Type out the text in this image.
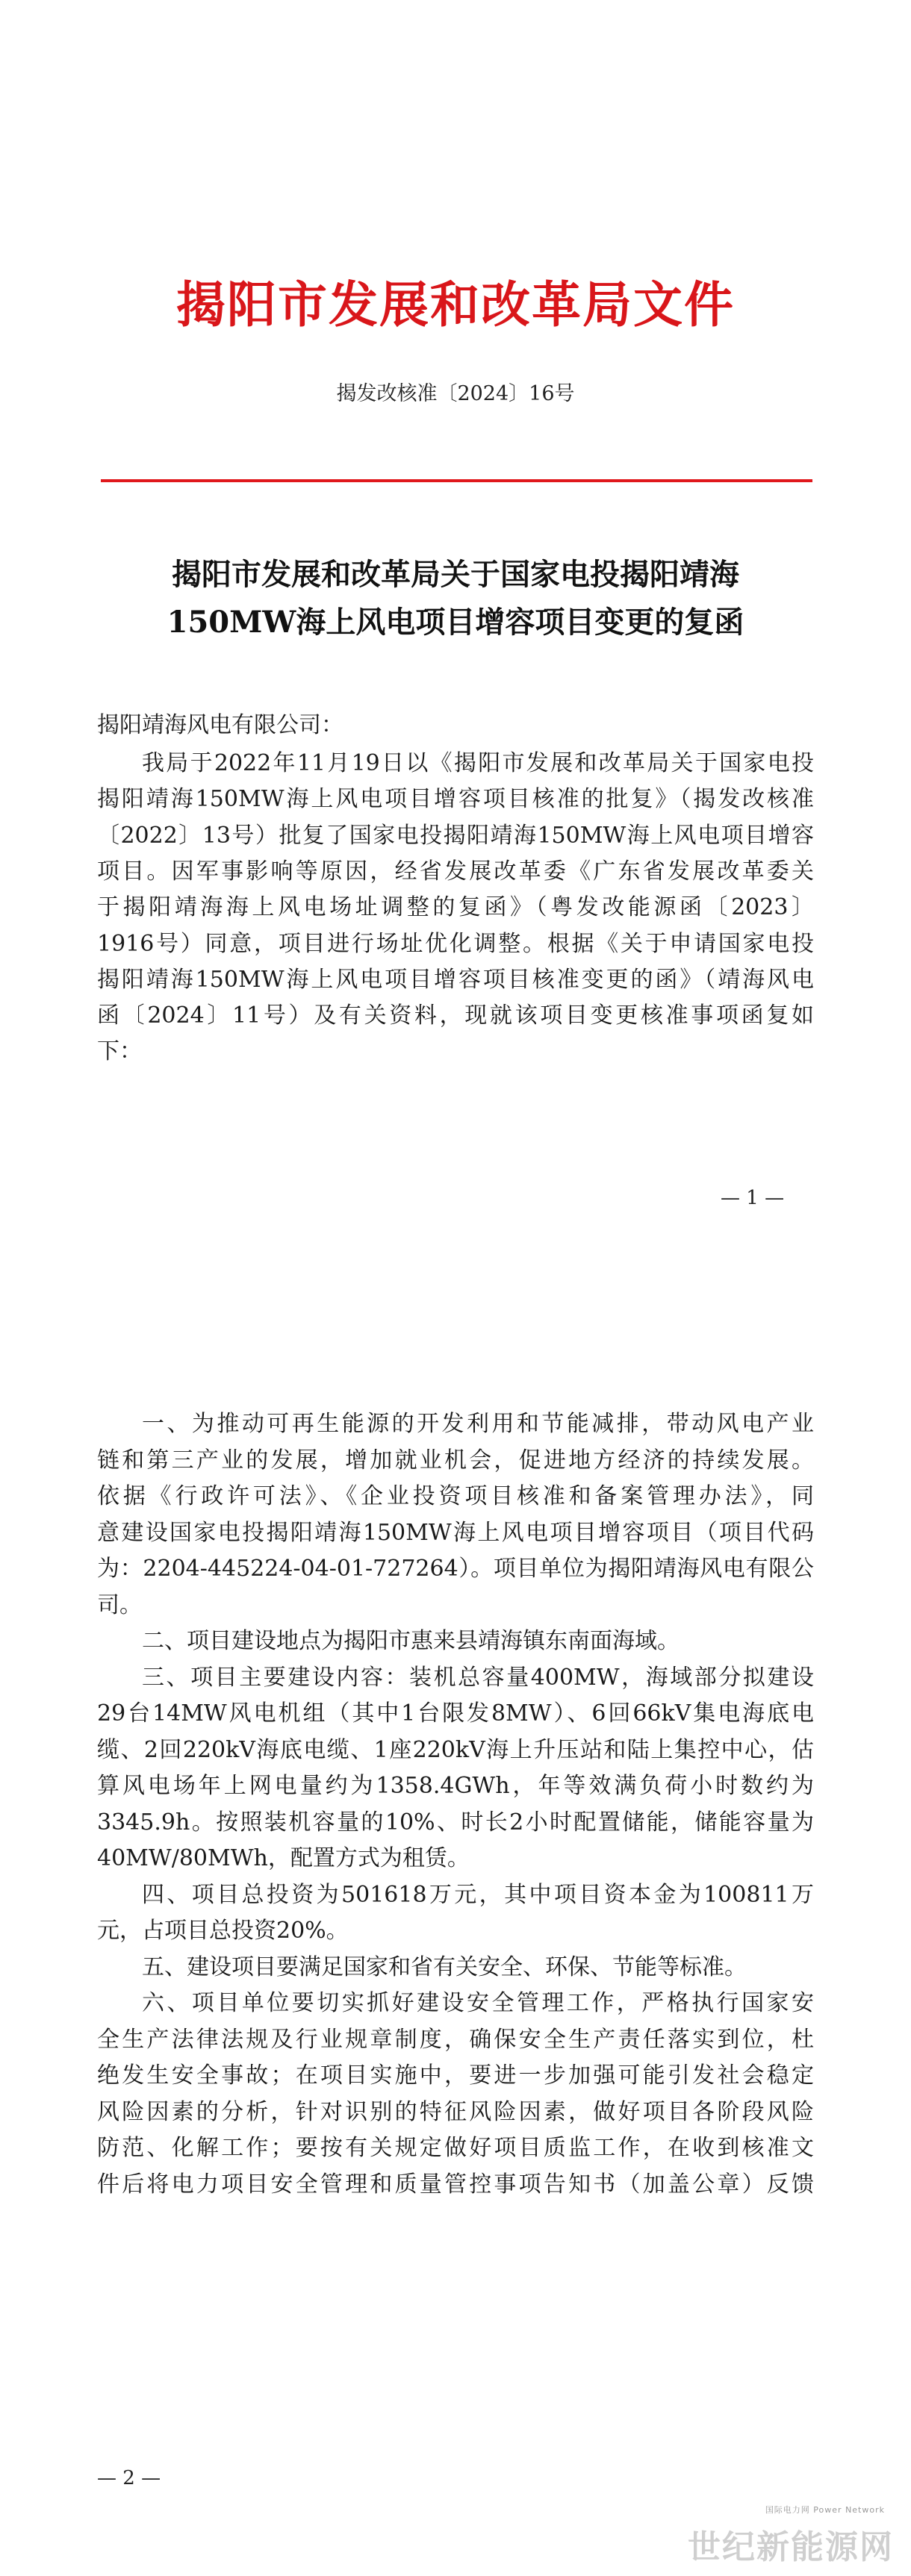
揭阳市发展和改革局文件
揭发改核准〔2024〕16号
揭阳市发展和改革局关于国家电投揭阳靖海
150MW海上风电项目增容项目变更的复函
揭阳靖海风电有限公司：
我局于2022年11月19日以《揭阳市发展和改革局关于国家电投
揭阳靖海150MW海上风电项目增容项目核准的批复》（揭发改核准
〔2022〕13号）批复了国家电投揭阳靖海150MW海上风电项目增容
项目。因军事影响等原因，经省发展改革委《广东省发展改革委关
于揭阳靖海海上风电场址调整的复函》（粤发改能源函〔2023〕
1916号）同意，项目进行场址优化调整。根据《关于申请国家电投
揭阳靖海150MW海上风电项目增容项目核准变更的函》（靖海风电
函〔2024〕11号）及有关资料，现就该项目变更核准事项函复如
下：
— 1 —
一、为推动可再生能源的开发利用和节能减排，带动风电产业
链和第三产业的发展，增加就业机会，促进地方经济的持续发展。
依据《行政许可法》、《企业投资项目核准和备案管理办法》，同
意建设国家电投揭阳靖海150MW海上风电项目增容项目（项目代码
为：2204-445224-04-01-727264）。项目单位为揭阳靖海风电有限公
司。
二、项目建设地点为揭阳市惠来县靖海镇东南面海域。
三、项目主要建设内容：装机总容量400MW，海域部分拟建设
29台14MW风电机组（其中1台限发8MW）、6回66kV集电海底电
缆、2回220kV海底电缆、1座220kV海上升压站和陆上集控中心，估
算风电场年上网电量约为1358.4GWh，年等效满负荷小时数约为
3345.9h。按照装机容量的10%、时长2小时配置储能，储能容量为
40MW/80MWh，配置方式为租赁。
四、项目总投资为501618万元，其中项目资本金为100811万
元，占项目总投资20%。
五、建设项目要满足国家和省有关安全、环保、节能等标准。
六、项目单位要切实抓好建设安全管理工作，严格执行国家安
全生产法律法规及行业规章制度，确保安全生产责任落实到位，杜
绝发生安全事故；在项目实施中，要进一步加强可能引发社会稳定
风险因素的分析，针对识别的特征风险因素，做好项目各阶段风险
防范、化解工作；要按有关规定做好项目质监工作，在收到核准文
件后将电力项目安全管理和质量管控事项告知书（加盖公章）反馈
— 2 —
国际电力网 Power Network
世纪新能源网
